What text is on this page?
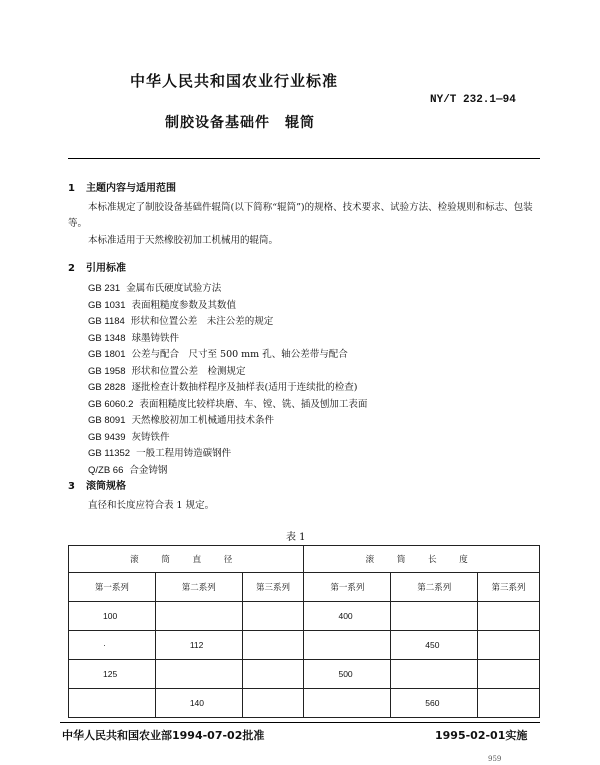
中华人民共和国农业行业标准
NY/T 232.1—94
制胶设备基础件　辊筒
1 主题内容与适用范围
本标准规定了制胶设备基础件辊筒(以下简称“辊筒”)的规格、技术要求、试验方法、检验规则和标志、包装等。
本标准适用于天然橡胶初加工机械用的辊筒。
2 引用标准
GB 231 金属布氏硬度试验方法
GB 1031 表面粗糙度参数及其数值
GB 1184 形状和位置公差　未注公差的规定
GB 1348 球墨铸铁件
GB 1801 公差与配合　尺寸至 500 mm 孔、轴公差带与配合
GB 1958 形状和位置公差　检测规定
GB 2828 逐批检查计数抽样程序及抽样表(适用于连续批的检查)
GB 6060.2 表面粗糙度比较样块磨、车、镗、铣、插及刨加工表面
GB 8091 天然橡胶初加工机械通用技术条件
GB 9439 灰铸铁件
GB 11352 一般工程用铸造碳钢件
Q/ZB 66 合金铸钢
3 滚筒规格
直径和长度应符合表 1 规定。
表 1
滚 筒 直 径			滚 筒 长 度		
第一系列	第二系列	第三系列	第一系列	第二系列	第三系列
100			400		
·	112			450	
125			500		
	140			560	
中华人民共和国农业部1994-07-02批准	1995-02-01实施
959
